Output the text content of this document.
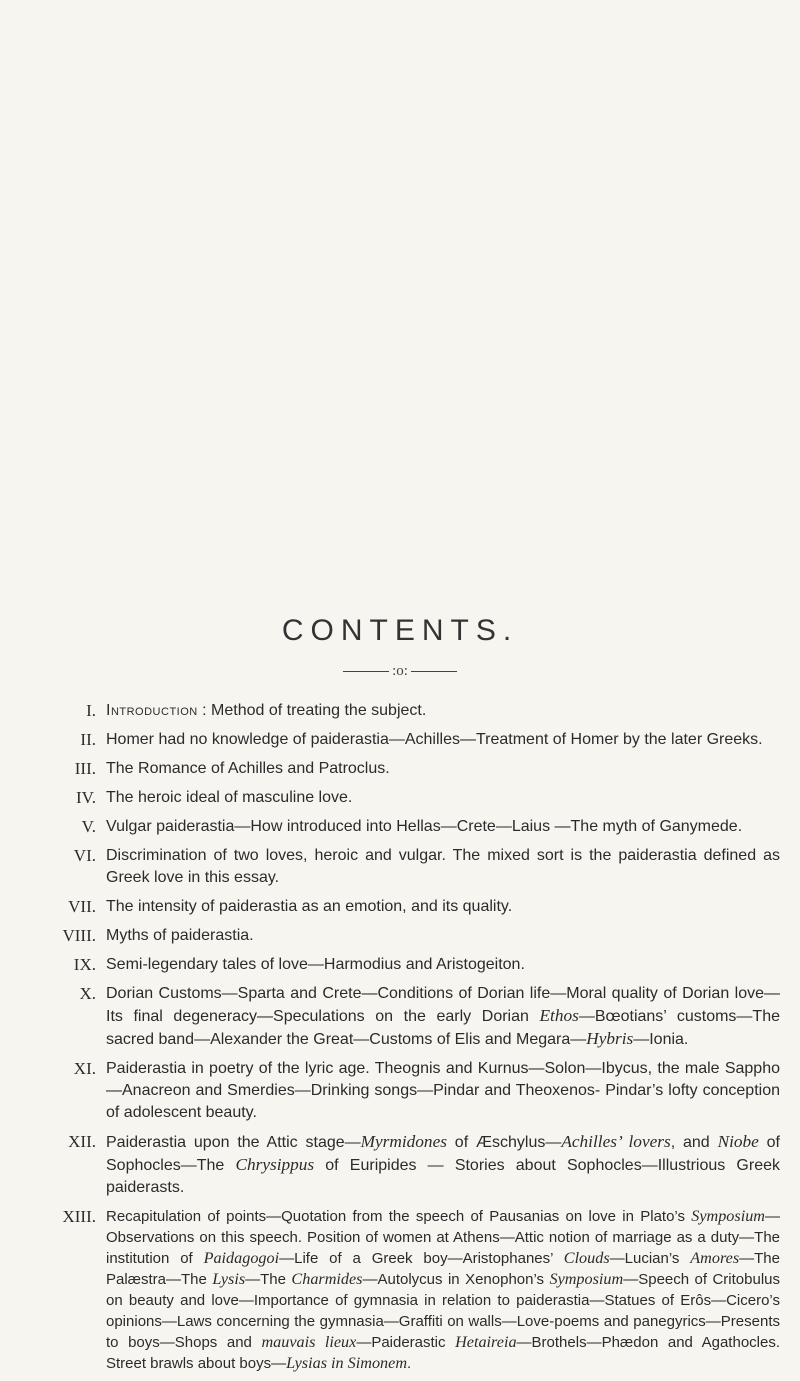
CONTENTS.
:o:
I. Introduction : Method of treating the subject.
II. Homer had no knowledge of paiderastia—Achilles—Treatment of Homer by the later Greeks.
III. The Romance of Achilles and Patroclus.
IV. The heroic ideal of masculine love.
V. Vulgar paiderastia—How introduced into Hellas—Crete—Laius —The myth of Ganymede.
VI. Discrimination of two loves, heroic and vulgar. The mixed sort is the paiderastia defined as Greek love in this essay.
VII. The intensity of paiderastia as an emotion, and its quality.
VIII. Myths of paiderastia.
IX. Semi-legendary tales of love—Harmodius and Aristogeiton.
X. Dorian Customs—Sparta and Crete—Conditions of Dorian life—Moral quality of Dorian love—Its final degeneracy—Speculations on the early Dorian Ethos—Bœotians’ customs—The sacred band—Alexander the Great—Customs of Elis and Megara—Hybris—Ionia.
XI. Paiderastia in poetry of the lyric age. Theognis and Kurnus—Solon—Ibycus, the male Sappho—Anacreon and Smerdies—Drinking songs—Pindar and Theoxenos- Pindar’s lofty conception of adolescent beauty.
XII. Paiderastia upon the Attic stage—Myrmidones of Æschylus—Achilles’ lovers, and Niobe of Sophocles—The Chrysippus of Euripides — Stories about Sophocles—Illustrious Greek paiderasts.
XIII. Recapitulation of points—Quotation from the speech of Pausanias on love in Plato’s Symposium—Observations on this speech. Position of women at Athens—Attic notion of marriage as a duty—The institution of Paidagogoi—Life of a Greek boy—Aristophanes’ Clouds—Lucian’s Amores—The Palæstra—The Lysis—The Charmides—Autolycus in Xenophon’s Symposium—Speech of Critobulus on beauty and love—Importance of gymnasia in relation to paiderastia—Statues of Erôs—Cicero’s opinions—Laws concerning the gymnasia—Graffiti on walls—Love-poems and panegyrics—Presents to boys—Shops and mauvais lieux—Paiderastic Hetaireia—Brothels—Phædon and Agathocles. Street brawls about boys—Lysias in Simonem.
